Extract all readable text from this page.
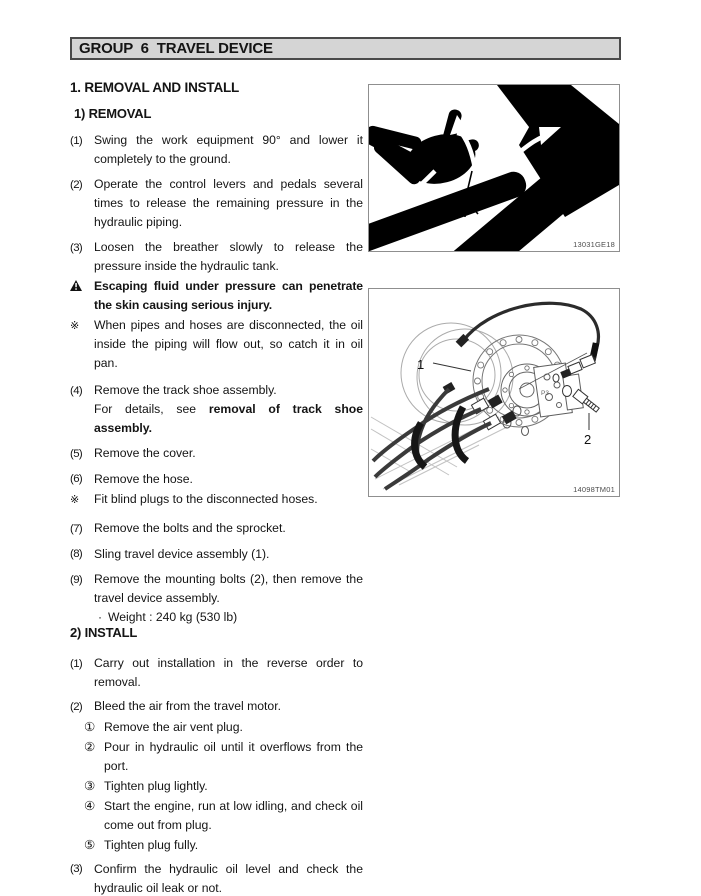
GROUP  6  TRAVEL DEVICE
1. REMOVAL AND INSTALL
1) REMOVAL
(1) Swing the work equipment 90° and lower it completely to the ground.
(2) Operate the control levers and pedals several times to release the remaining pressure in the hydraulic piping.
(3) Loosen the breather slowly to release the pressure inside the hydraulic tank.
Escaping fluid under pressure can penetrate the skin causing serious injury.
※	When pipes and hoses are disconnected, the oil inside the piping will flow out, so catch it in oil pan.
(4) Remove the track shoe assembly.
For details, see removal of track shoe assembly.
(5) Remove the cover.
(6) Remove the hose.
※	Fit blind plugs to the disconnected hoses.
(7) Remove the bolts and the sprocket.
(8) Sling travel device assembly (1).
(9) Remove the mounting bolts (2), then remove the travel device assembly.
· Weight : 240 kg (530 lb)
2) INSTALL
(1) Carry out installation in the reverse order to removal.
(2) Bleed the air from the travel motor.
① Remove the air vent plug.
② Pour in hydraulic oil until it overflows from the port.
③ Tighten plug lightly.
④ Start the engine, run at low idling, and check oil come out from plug.
⑤ Tighten plug fully.
(3) Confirm the hydraulic oil level and check the hydraulic oil leak or not.
13031GE18
1
2
P3
14098TM01
